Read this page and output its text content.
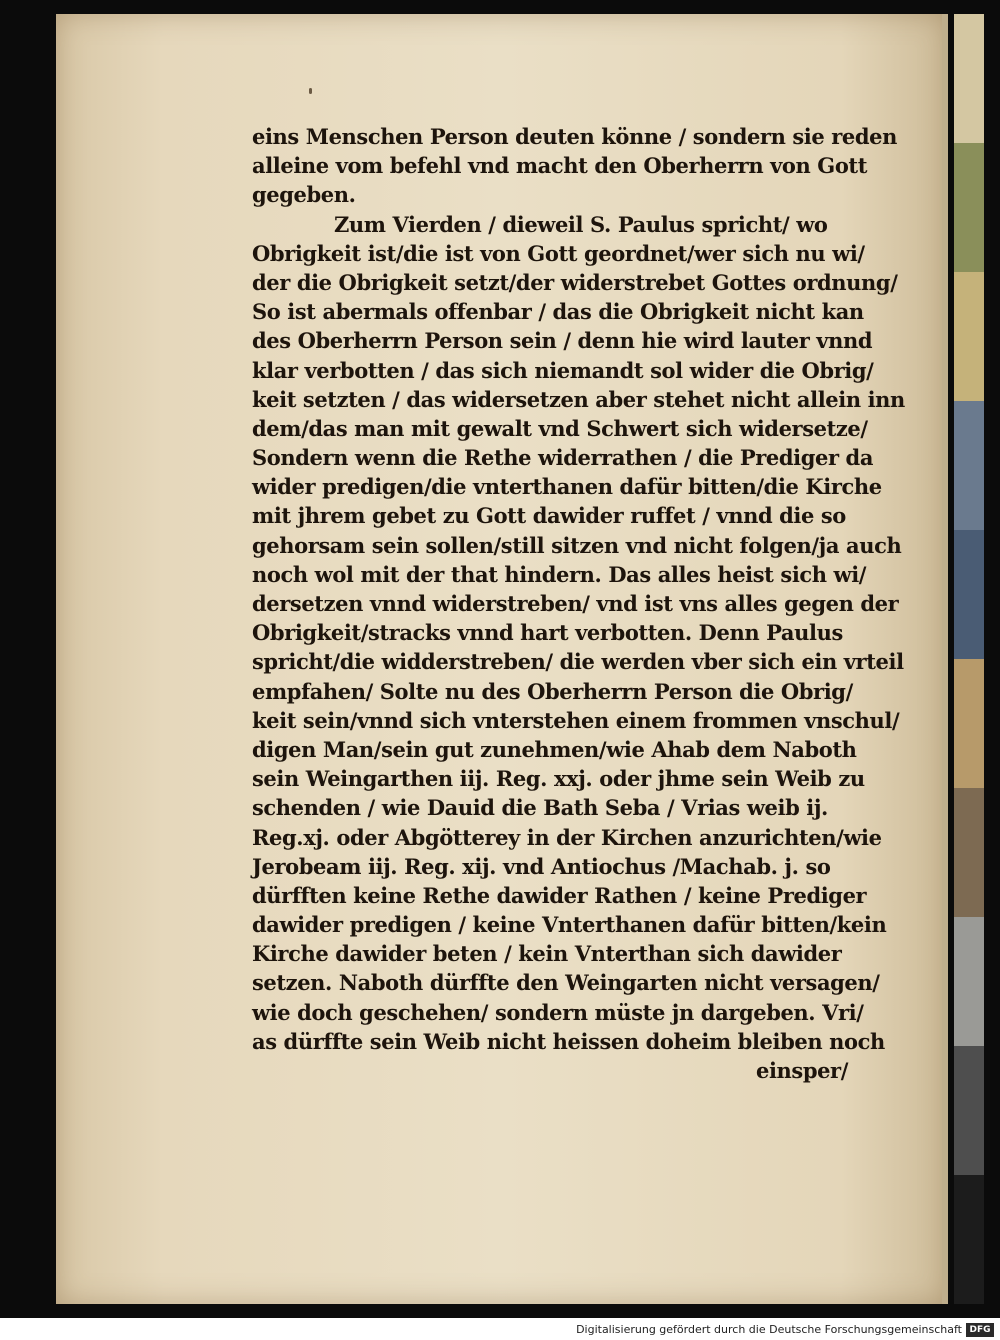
eins Menschen Person deuten könne / sondern sie reden
alleine vom befehl vnd macht den Oberherrn von Gott
gegeben.
Zum Vierden / dieweil S. Paulus spricht/ wo
Obrigkeit ist/die ist von Gott geordnet/wer sich nu wi/
der die Obrigkeit setzt/der widerstrebet Gottes ordnung/
So ist abermals offenbar / das die Obrigkeit nicht kan
des Oberherrn Person sein / denn hie wird lauter vnnd
klar verbotten / das sich niemandt sol wider die Obrig/
keit setzten / das widersetzen aber stehet nicht allein inn
dem/das man mit gewalt vnd Schwert sich widersetze/
Sondern wenn die Rethe widerrathen / die Prediger da
wider predigen/die vnterthanen dafür bitten/die Kirche
mit jhrem gebet zu Gott dawider ruffet / vnnd die so
gehorsam sein sollen/still sitzen vnd nicht folgen/ja auch
noch wol mit der that hindern. Das alles heist sich wi/
dersetzen vnnd widerstreben/ vnd ist vns alles gegen der
Obrigkeit/stracks vnnd hart verbotten. Denn Paulus
spricht/die widderstreben/ die werden vber sich ein vrteil
empfahen/ Solte nu des Oberherrn Person die Obrig/
keit sein/vnnd sich vnterstehen einem frommen vnschul/
digen Man/sein gut zunehmen/wie Ahab dem Naboth
sein Weingarthen iij. Reg. xxj. oder jhme sein Weib zu
schenden / wie Dauid die Bath Seba / Vrias weib ij.
Reg.xj. oder Abgötterey in der Kirchen anzurichten/wie
Jerobeam iij. Reg. xij. vnd Antiochus /Machab. j. so
dürfften keine Rethe dawider Rathen / keine Prediger
dawider predigen / keine Vnterthanen dafür bitten/kein
Kirche dawider beten / kein Vnterthan sich dawider
setzen. Naboth dürffte den Weingarten nicht versagen/
wie doch geschehen/ sondern müste jn dargeben. Vri/
as dürffte sein Weib nicht heissen doheim bleiben noch
einsper/
Digitalisierung gefördert durch die Deutsche Forschungsgemeinschaft DFG
